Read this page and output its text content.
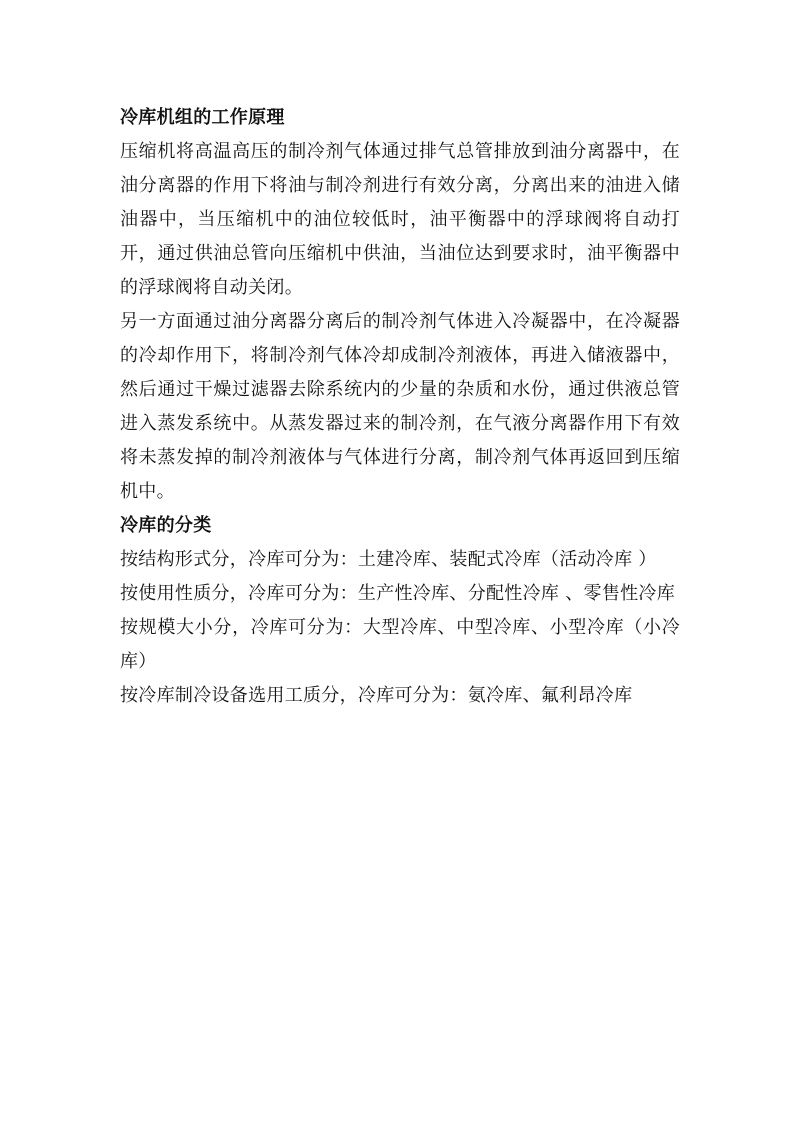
冷库机组的工作原理

压缩机将高温高压的制冷剂气体通过排气总管排放到油分离器中，在油分离器的作用下将油与制冷剂进行有效分离，分离出来的油进入储油器中，当压缩机中的油位较低时，油平衡器中的浮球阀将自动打开，通过供油总管向压缩机中供油，当油位达到要求时，油平衡器中的浮球阀将自动关闭。

另一方面通过油分离器分离后的制冷剂气体进入冷凝器中，在冷凝器的冷却作用下，将制冷剂气体冷却成制冷剂液体，再进入储液器中，然后通过干燥过滤器去除系统内的少量的杂质和水份，通过供液总管进入蒸发系统中。从蒸发器过来的制冷剂，在气液分离器作用下有效将未蒸发掉的制冷剂液体与气体进行分离，制冷剂气体再返回到压缩机中。

冷库的分类

按结构形式分，冷库可分为：土建冷库、装配式冷库（活动冷库 ）

按使用性质分，冷库可分为：生产性冷库、分配性冷库 、零售性冷库

按规模大小分，冷库可分为：大型冷库、中型冷库、小型冷库（小冷库）

按冷库制冷设备选用工质分，冷库可分为：氨冷库、氟利昂冷库
